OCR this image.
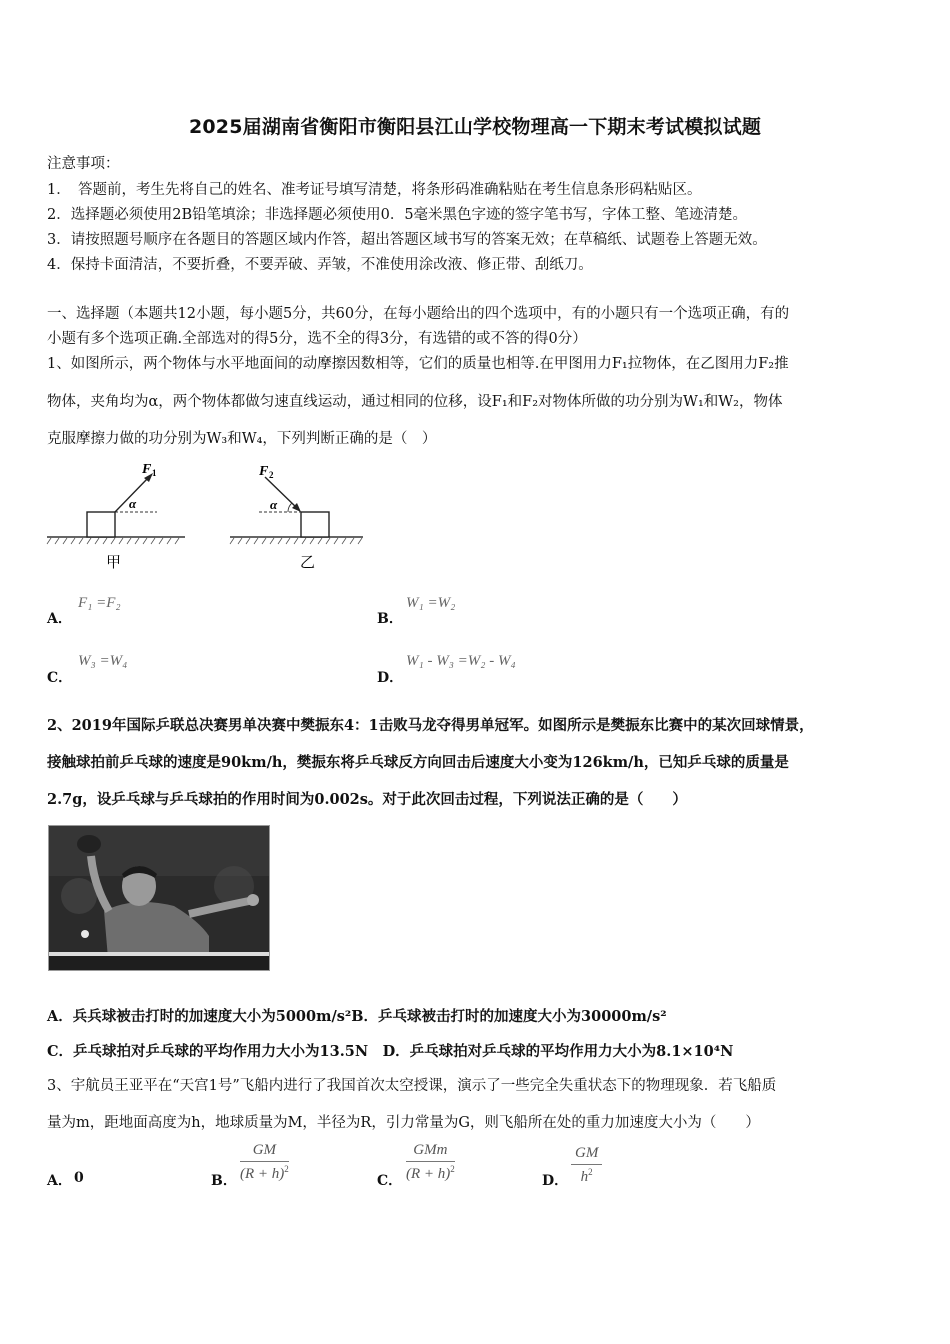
2025届湖南省衡阳市衡阳县江山学校物理高一下期末考试模拟试题
注意事项：
1．　答题前，考生先将自己的姓名、准考证号填写清楚，将条形码准确粘贴在考生信息条形码粘贴区。
2．选择题必须使用2B铅笔填涂；非选择题必须使用0．5毫米黑色字迹的签字笔书写，字体工整、笔迹清楚。
3．请按照题号顺序在各题目的答题区域内作答，超出答题区域书写的答案无效；在草稿纸、试题卷上答题无效。
4．保持卡面清洁，不要折叠，不要弄破、弄皱，不准使用涂改液、修正带、刮纸刀。
一、选择题（本题共12小题，每小题5分，共60分，在每小题给出的四个选项中，有的小题只有一个选项正确，有的
小题有多个选项正确.全部选对的得5分，选不全的得3分，有选错的或不答的得0分）
1、如图所示，两个物体与水平地面间的动摩擦因数相等，它们的质量也相等.在甲图用力F₁拉物体，在乙图用力F₂推
物体，夹角均为α，两个物体都做匀速直线运动，通过相同的位移，设F₁和F₂对物体所做的功分别为W₁和W₂，物体
克服摩擦力做的功分别为W₃和W₄，下列判断正确的是（　）
F 1
α
甲
F 2
α
乙
A．
F₁ =F₂
B．
W₁ =W₂
C．
W₃ =W₄
D．
W₁ - W₃ =W₂ - W₄
2、2019年国际乒联总决赛男单决赛中樊振东4：1击败马龙夺得男单冠军。如图所示是樊振东比赛中的某次回球情景，
接触球拍前乒乓球的速度是90km/h，樊振东将乒乓球反方向回击后速度大小变为126km/h，已知乒乓球的质量是
2.7g，设乒乓球与乒乓球拍的作用时间为0.002s。对于此次回击过程，下列说法正确的是（　　）
A．兵兵球被击打时的加速度大小为5000m/s²B．乒乓球被击打时的加速度大小为30000m/s²
C．乒乓球拍对乒乓球的平均作用力大小为13.5N　D．乒乓球拍对乒乓球的平均作用力大小为8.1×10⁴N
3、宇航员王亚平在“天宫1号”飞船内进行了我国首次太空授课，演示了一些完全失重状态下的物理现象．若飞船质
量为m，距地面高度为h，地球质量为M，半径为R，引力常量为G，则飞船所在处的重力加速度大小为（　　）
A． 0	B． $\frac{GM}{(R + h)^2}$	C．
GMm
$(R + h)^2$
D． $\frac{GM}{h^2}$
